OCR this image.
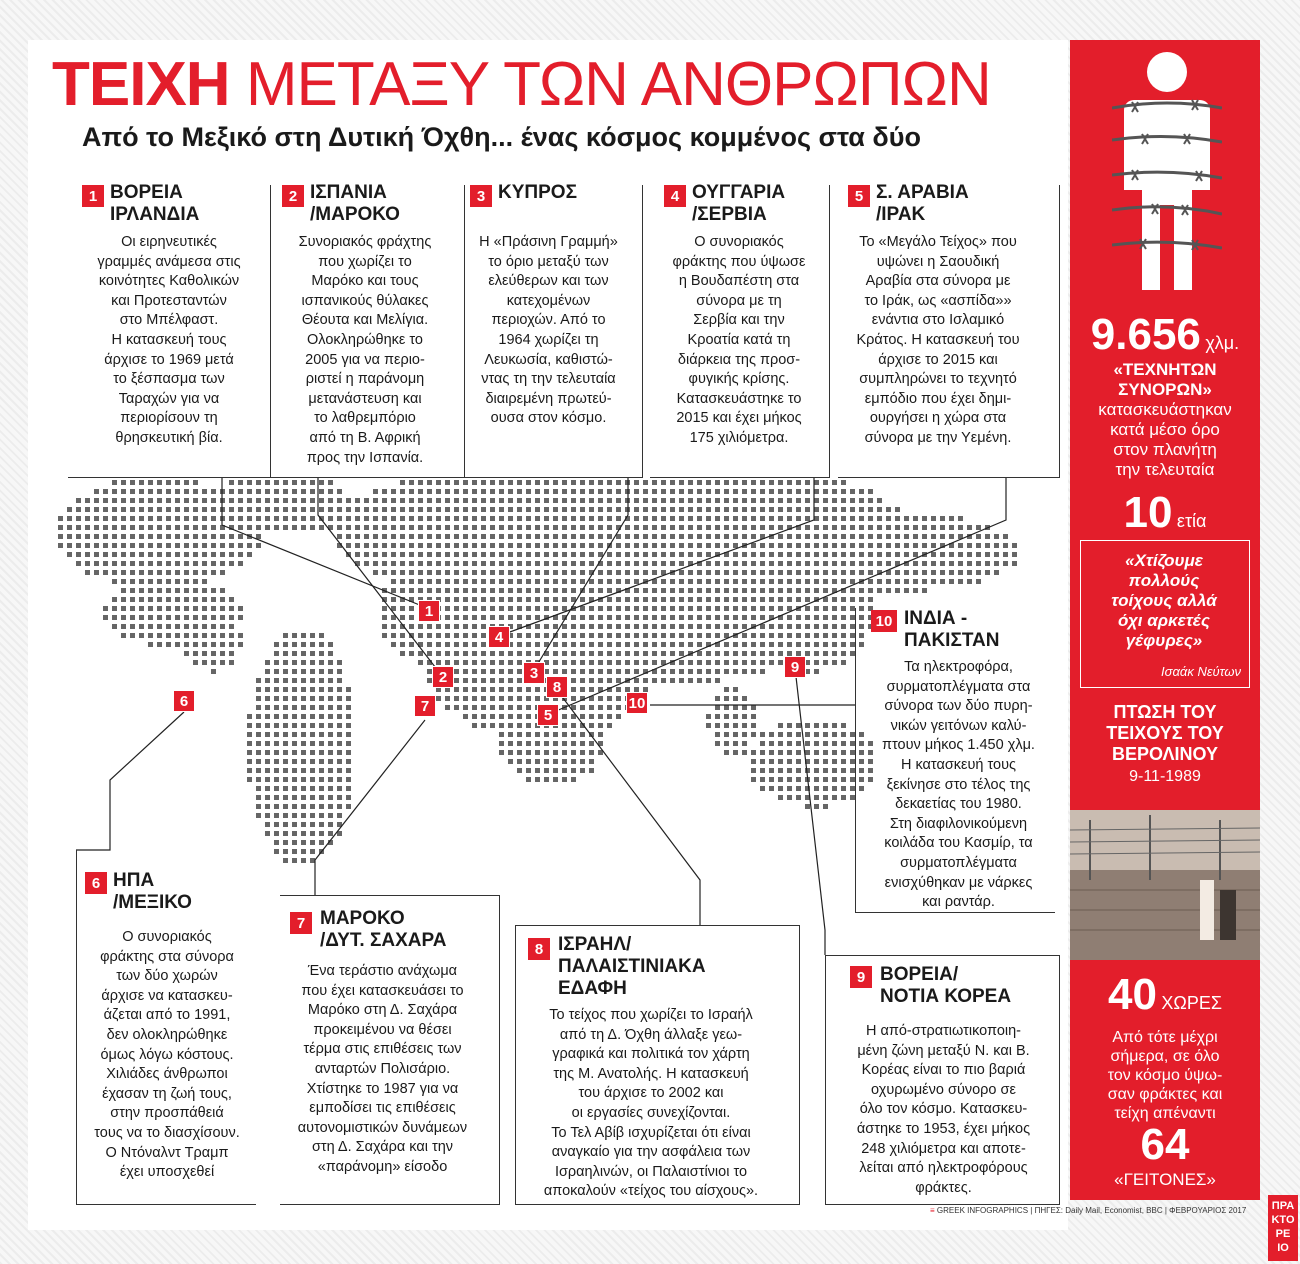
ΤΕΙΧΗ ΜΕΤΑΞΥ ΤΩΝ ΑΝΘΡΩΠΩΝ
Από το Μεξικό στη Δυτική Όχθη... ένας κόσμος κομμένος στα δύο
1
2	3
4
5
6	7
8
9
10
1 ΒΟΡΕΙΑ
ΙΡΛΑΝΔΙΑ
Οι ειρηνευτικές
γραμμές ανάμεσα στις
κοινότητες Καθολικών
και Προτεσταντών
στο Μπέλφαστ.
Η κατασκευή τους
άρχισε το 1969 μετά
το ξέσπασμα των
Ταραχών για να
περιορίσουν τη
θρησκευτική βία.
2 ΙΣΠΑΝΙΑ
/ΜΑΡΟΚΟ
Συνοριακός φράχτης
που χωρίζει το
Μαρόκο και τους
ισπανικούς θύλακες
Θέουτα και Μελίγια.
Ολοκληρώθηκε το
2005 για να περιο-
ριστεί η παράνομη
μετανάστευση και
το λαθρεμπόριο
από τη Β. Αφρική
προς την Ισπανία.
3 ΚΥΠΡΟΣ
Η «Πράσινη Γραμμή»
το όριο μεταξύ των
ελεύθερων και των
κατεχομένων
περιοχών. Από το
1964 χωρίζει τη
Λευκωσία, καθιστώ-
ντας τη την τελευταία
διαιρεμένη πρωτεύ-
ουσα στον κόσμο.
4 ΟΥΓΓΑΡΙΑ
/ΣΕΡΒΙΑ
Ο συνοριακός
φράκτης που ύψωσε
η Βουδαπέστη στα
σύνορα με τη
Σερβία και την
Κροατία κατά τη
διάρκεια της προσ-
φυγικής κρίσης.
Κατασκευάστηκε το
2015 και έχει μήκος
175 χιλιόμετρα.
5 Σ. ΑΡΑΒΙΑ
/ΙΡΑΚ
Το «Μεγάλο Τείχος» που
υψώνει η Σαουδική
Αραβία στα σύνορα με
το Ιράκ, ως «ασπίδα»»
ενάντια στο Ισλαμικό
Κράτος. Η κατασκευή του
άρχισε το 2015 και
συμπληρώνει το τεχνητό
εμπόδιο που έχει δημι-
ουργήσει η χώρα στα
σύνορα με την Υεμένη.
10 ΙΝΔΙΑ -
ΠΑΚΙΣΤΑΝ
Τα ηλεκτροφόρα,
συρματοπλέγματα στα
σύνορα των δύο πυρη-
νικών γειτόνων καλύ-
πτουν μήκος 1.450 χλμ.
Η κατασκευή τους
ξεκίνησε στο τέλος της
δεκαετίας του 1980.
Στη διαφιλονικούμενη
κοιλάδα του Κασμίρ, τα
συρματοπλέγματα
ενισχύθηκαν με νάρκες
και ραντάρ.
6 ΗΠΑ
/ΜΕΞΙΚΟ
Ο συνοριακός
φράκτης στα σύνορα
των δύο χωρών
άρχισε να κατασκευ-
άζεται από το 1991,
δεν ολοκληρώθηκε
όμως λόγω κόστους.
Χιλιάδες άνθρωποι
έχασαν τη ζωή τους,
στην προσπάθειά
τους να το διασχίσουν.
Ο Ντόναλντ Τραμπ
έχει υποσχεθεί
7 ΜΑΡΟΚΟ
/ΔΥΤ. ΣΑΧΑΡΑ
Ένα τεράστιο ανάχωμα
που έχει κατασκευάσει το
Μαρόκο στη Δ. Σαχάρα
προκειμένου να θέσει
τέρμα στις επιθέσεις των
ανταρτών Πολισάριο.
Χτίστηκε το 1987 για να
εμποδίσει τις επιθέσεις
αυτονομιστικών δυνάμεων
στη Δ. Σαχάρα και την
«παράνομη» είσοδο
8 ΙΣΡΑΗΛ/
ΠΑΛΑΙΣΤΙΝΙΑΚΑ
ΕΔΑΦΗ
Το τείχος που χωρίζει το Ισραήλ
από τη Δ. Όχθη άλλαξε γεω-
γραφικά και πολιτικά τον χάρτη
της Μ. Ανατολής. Η κατασκευή
του άρχισε το 2002 και
οι εργασίες συνεχίζονται.
Το Τελ Αβίβ ισχυρίζεται ότι είναι
αναγκαίο για την ασφάλεια των
Ισραηλινών, οι Παλαιστίνιοι το
αποκαλούν «τείχος του αίσχους».
9 ΒΟΡΕΙΑ/
ΝΟΤΙΑ ΚΟΡΕΑ
Η από-στρατιωτικοποιη-
μένη ζώνη μεταξύ Ν. και Β.
Κορέας είναι το πιο βαριά
οχυρωμένο σύνορο σε
όλο τον κόσμο. Κατασκευ-
άστηκε το 1953, έχει μήκος
248 χιλιόμετρα και αποτε-
λείται από ηλεκτροφόρους
φράκτες.
≡ GREEK INFOGRAPHICS | ΠΗΓΕΣ: Daily Mail, Economist, BBC | ΦΕΒΡΟΥΑΡΙΟΣ 2017	ΠΡΑ
ΚΤΟ
ΡΕ
ΙΟ
9.656 χλμ.
«ΤΕΧΝΗΤΩΝ
ΣΥΝΟΡΩΝ»
κατασκευάστηκαν
κατά μέσο όρο
στον πλανήτη
την τελευταία
10 ετία
«Χτίζουμε
πολλούς
τοίχους αλλά
όχι αρκετές
γέφυρες»
Ισαάκ Νεύτων
ΠΤΩΣΗ ΤΟΥ
ΤΕΙΧΟΥΣ ΤΟΥ
ΒΕΡΟΛΙΝΟΥ
9-11-1989
40 ΧΩΡΕΣ
Από τότε μέχρι
σήμερα, σε όλο
τον κόσμο ύψω-
σαν φράκτες και
τείχη απέναντι
64
«ΓΕΙΤΟΝΕΣ»
